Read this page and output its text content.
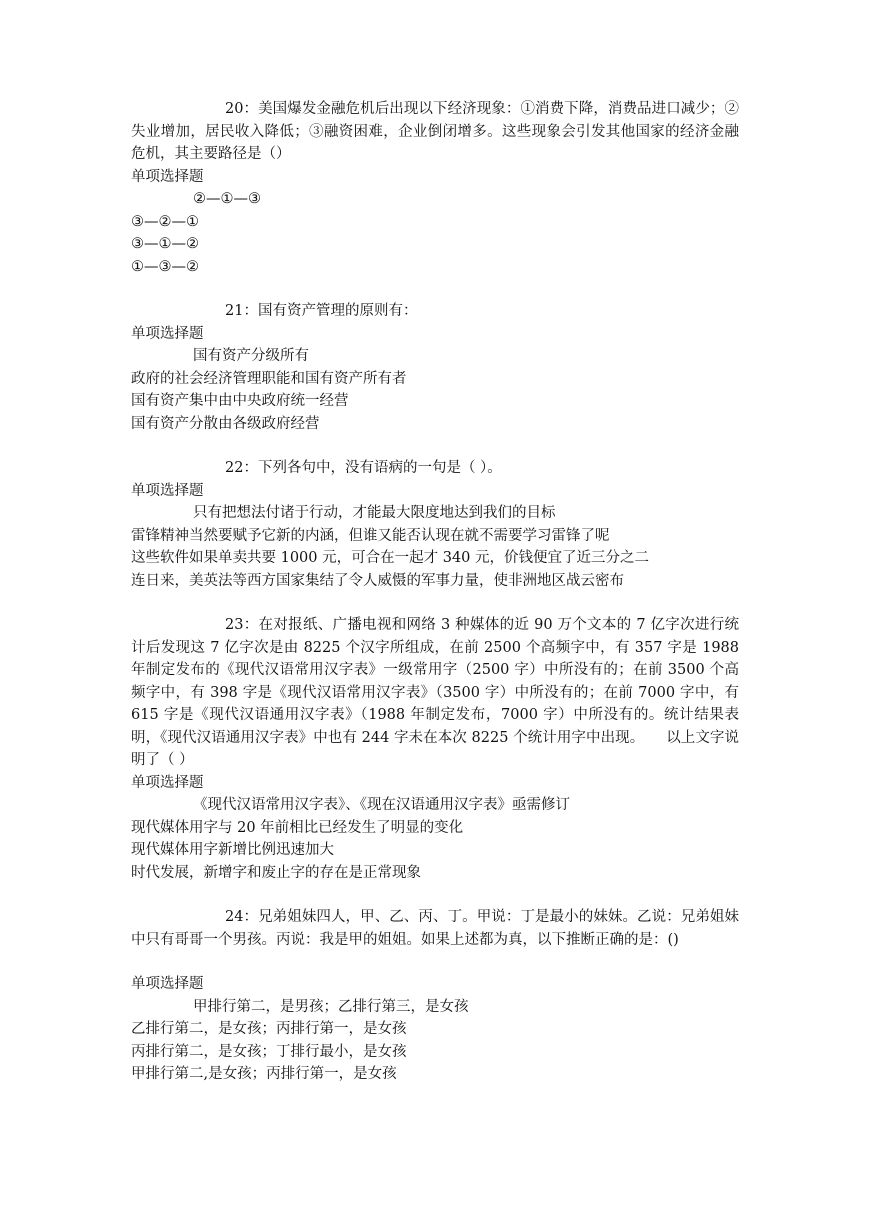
20：美国爆发金融危机后出现以下经济现象：①消费下降，消费品进口减少；②失业增加，居民收入降低；③融资困难，企业倒闭增多。这些现象会引发其他国家的经济金融危机，其主要路径是（）
单项选择题
②—①—③
③—②—①
③—①—②
①—③—②
21：国有资产管理的原则有：
单项选择题
国有资产分级所有
政府的社会经济管理职能和国有资产所有者
国有资产集中由中央政府统一经营
国有资产分散由各级政府经营
22：下列各句中，没有语病的一句是（ ）。
单项选择题
只有把想法付诸于行动，才能最大限度地达到我们的目标
雷锋精神当然要赋予它新的内涵，但谁又能否认现在就不需要学习雷锋了呢
这些软件如果单卖共要 1000 元，可合在一起才 340 元，价钱便宜了近三分之二
连日来，美英法等西方国家集结了令人威慑的军事力量，使非洲地区战云密布
23：在对报纸、广播电视和网络 3 种媒体的近 90 万个文本的 7 亿字次进行统计后发现这 7 亿字次是由 8225 个汉字所组成，在前 2500 个高频字中，有 357 字是 1988 年制定发布的《现代汉语常用汉字表》一级常用字（2500 字）中所没有的；在前 3500 个高频字中，有 398 字是《现代汉语常用汉字表》（3500 字）中所没有的；在前 7000 字中，有 615 字是《现代汉语通用汉字表》（1988 年制定发布，7000 字）中所没有的。统计结果表明，《现代汉语通用汉字表》中也有 244 字未在本次 8225 个统计用字中出现。　　以上文字说明了（ ）
单项选择题
《现代汉语常用汉字表》、《现在汉语通用汉字表》亟需修订
现代媒体用字与 20 年前相比已经发生了明显的变化
现代媒体用字新增比例迅速加大
时代发展，新增字和废止字的存在是正常现象
24：兄弟姐妹四人，甲、乙、丙、丁。甲说：丁是最小的妹妹。乙说：兄弟姐妹中只有哥哥一个男孩。丙说：我是甲的姐姐。如果上述都为真，以下推断正确的是：()
单项选择题
甲排行第二，是男孩；乙排行第三，是女孩
乙排行第二，是女孩；丙排行第一，是女孩
丙排行第二，是女孩；丁排行最小，是女孩
甲排行第二,是女孩；丙排行第一，是女孩
